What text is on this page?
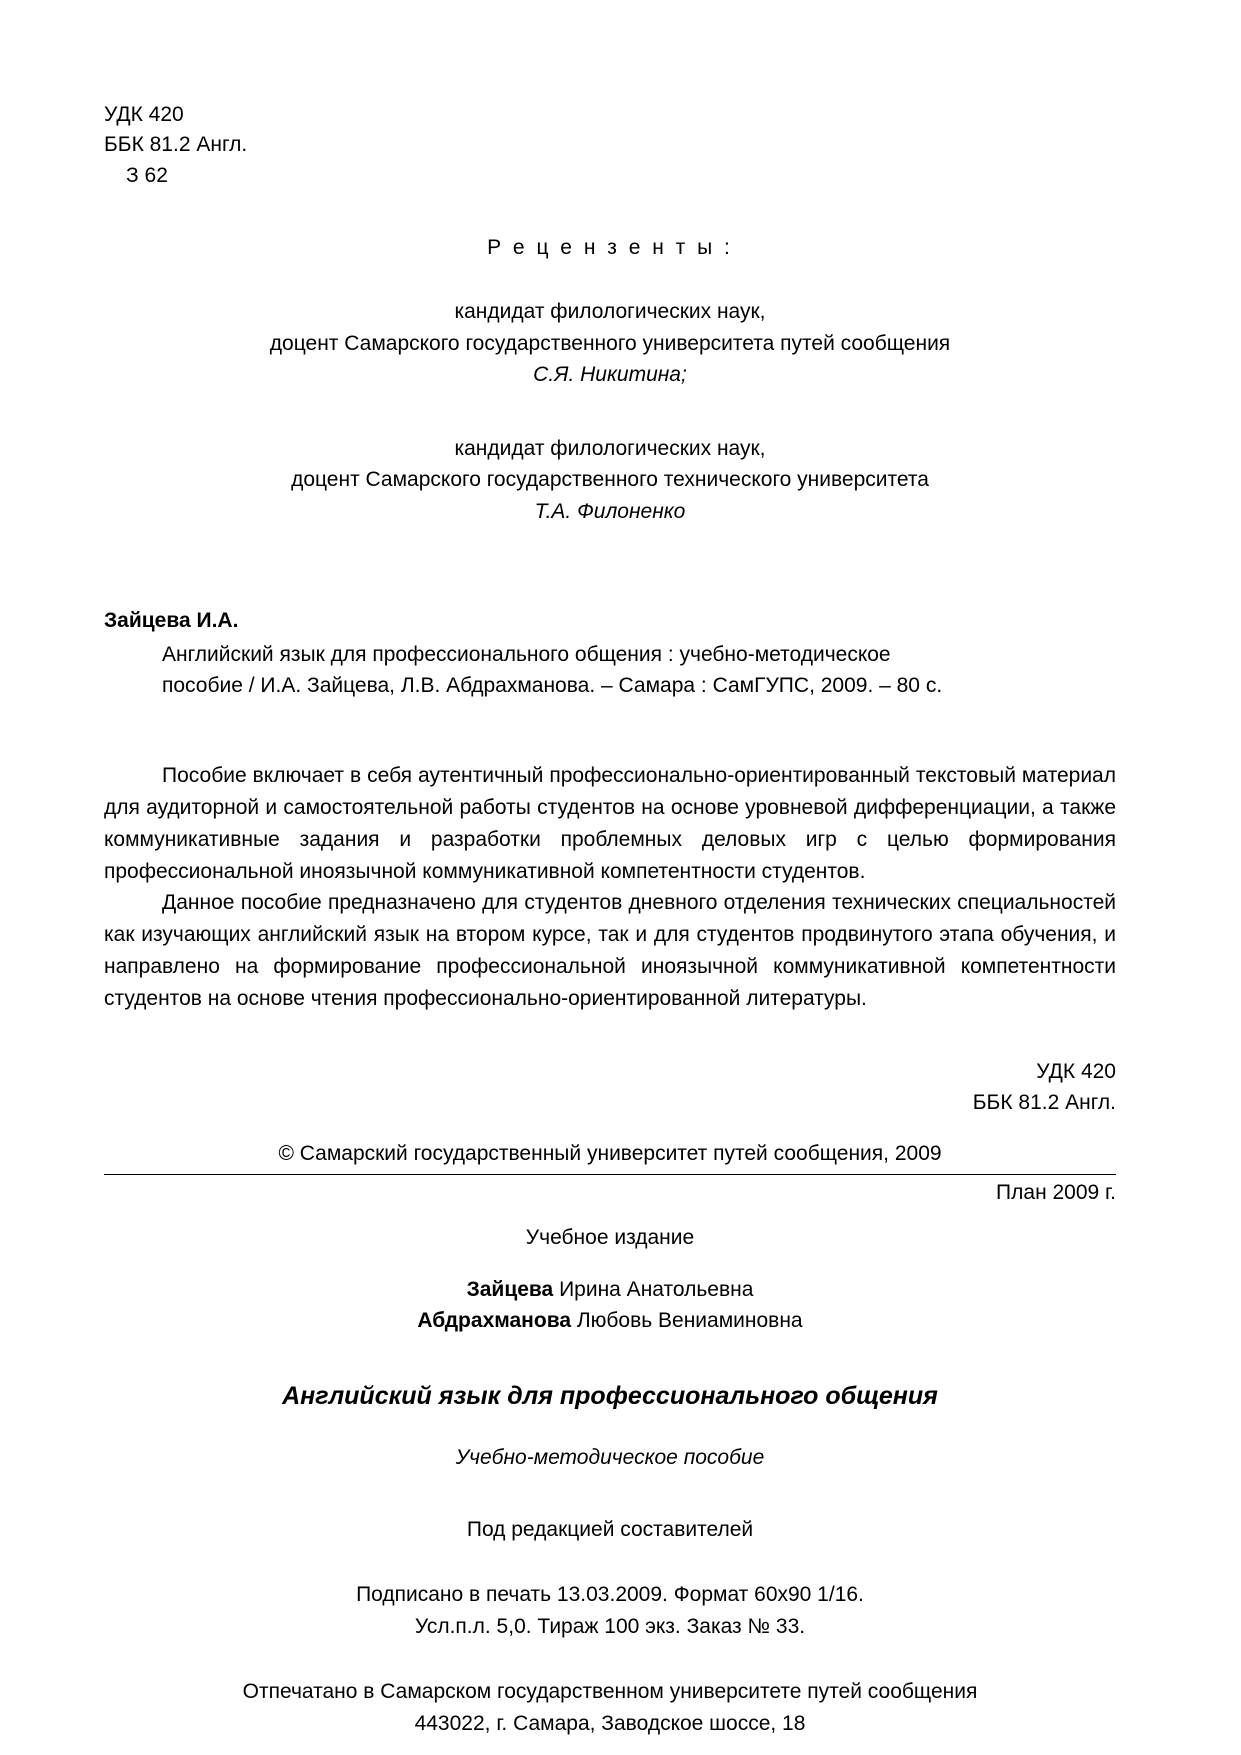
УДК 420
ББК 81.2 Англ.
З 62
Р е ц е н з е н т ы :
кандидат филологических наук,
доцент Самарского государственного университета путей сообщения
С.Я. Никитина;
кандидат филологических наук,
доцент Самарского государственного технического университета
Т.А. Филоненко
Зайцева И.А.
Английский язык для профессионального общения : учебно-методическое
пособие / И.А. Зайцева, Л.В. Абдрахманова. – Самара : СамГУПС, 2009. – 80 с.

Пособие включает в себя аутентичный профессионально-ориентированный текстовый материал для аудиторной и самостоятельной работы студентов на основе уровневой дифференциации, а также коммуникативные задания и разработки проблемных деловых игр с целью формирования профессиональной иноязычной коммуникативной компетентности студентов.

Данное пособие предназначено для студентов дневного отделения технических специальностей как изучающих английский язык на втором курсе, так и для студентов продвинутого этапа обучения, и направлено на формирование профессиональной иноязычной коммуникативной компетентности студентов на основе чтения профессионально-ориентированной литературы.

УДК 420
ББК 81.2 Англ.
© Самарский государственный университет путей сообщения, 2009
План 2009 г.
Учебное издание
Зайцева Ирина Анатольевна
Абдрахманова Любовь Вениаминовна
Английский язык для профессионального общения
Учебно-методическое пособие
Под редакцией составителей
Подписано в печать 13.03.2009. Формат 60х90 1/16.
Усл.п.л. 5,0. Тираж 100 экз. Заказ № 33.
Отпечатано в Самарском государственном университете путей сообщения
443022, г. Самара, Заводское шоссе, 18
